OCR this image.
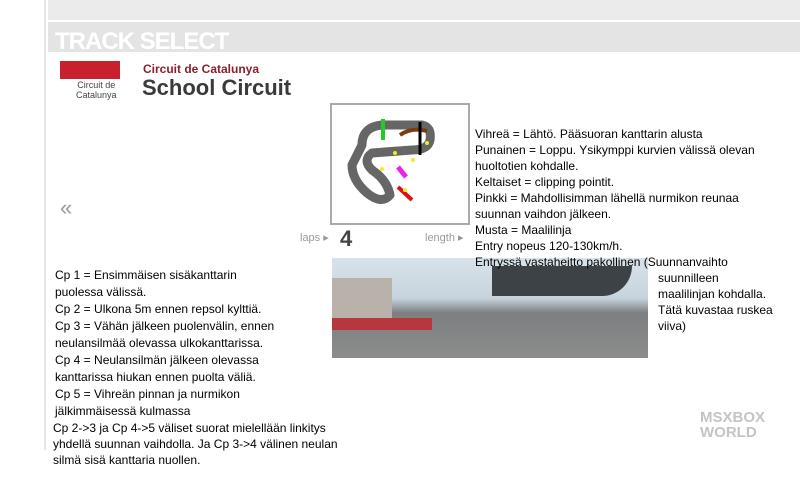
TRACK SELECT
Circuit de
Catalunya
Circuit de Catalunya
School Circuit
«
laps ▸ 4	length ▸

Vihreä = Lähtö. Pääsuoran kanttarin alusta
Punainen = Loppu. Ysikymppi kurvien välissä olevan
huoltotien kohdalle.
Keltaiset = clipping pointit.
Pinkki = Mahdollisimman lähellä nurmikon reunaa
suunnan vaihdon jälkeen.
Musta = Maalilinja
Entry nopeus 120-130km/h.
Entryssä vastaheitto pakollinen (Suunnanvaihto

suunnilleen
maalilinjan kohdalla.
Tätä kuvastaa ruskea
viiva)

Cp 1 = Ensimmäisen sisäkanttarin
puolessa välissä.
Cp 2 = Ulkona 5m ennen repsol kylttiä.
Cp 3 = Vähän jälkeen puolenvälin, ennen
neulansilmää olevassa ulkokanttarissa.
Cp 4 = Neulansilmän jälkeen olevassa
kanttarissa hiukan ennen puolta väliä.
Cp 5 = Vihreän pinnan ja nurmikon
jälkimmäisessä kulmassa

Cp 2->3 ja Cp 4->5 väliset suorat mielellään linkitys
yhdellä suunnan vaihdolla. Ja Cp 3->4 välinen neulan
silmä sisä kanttaria nuollen.

MSXBOX
WORLD
